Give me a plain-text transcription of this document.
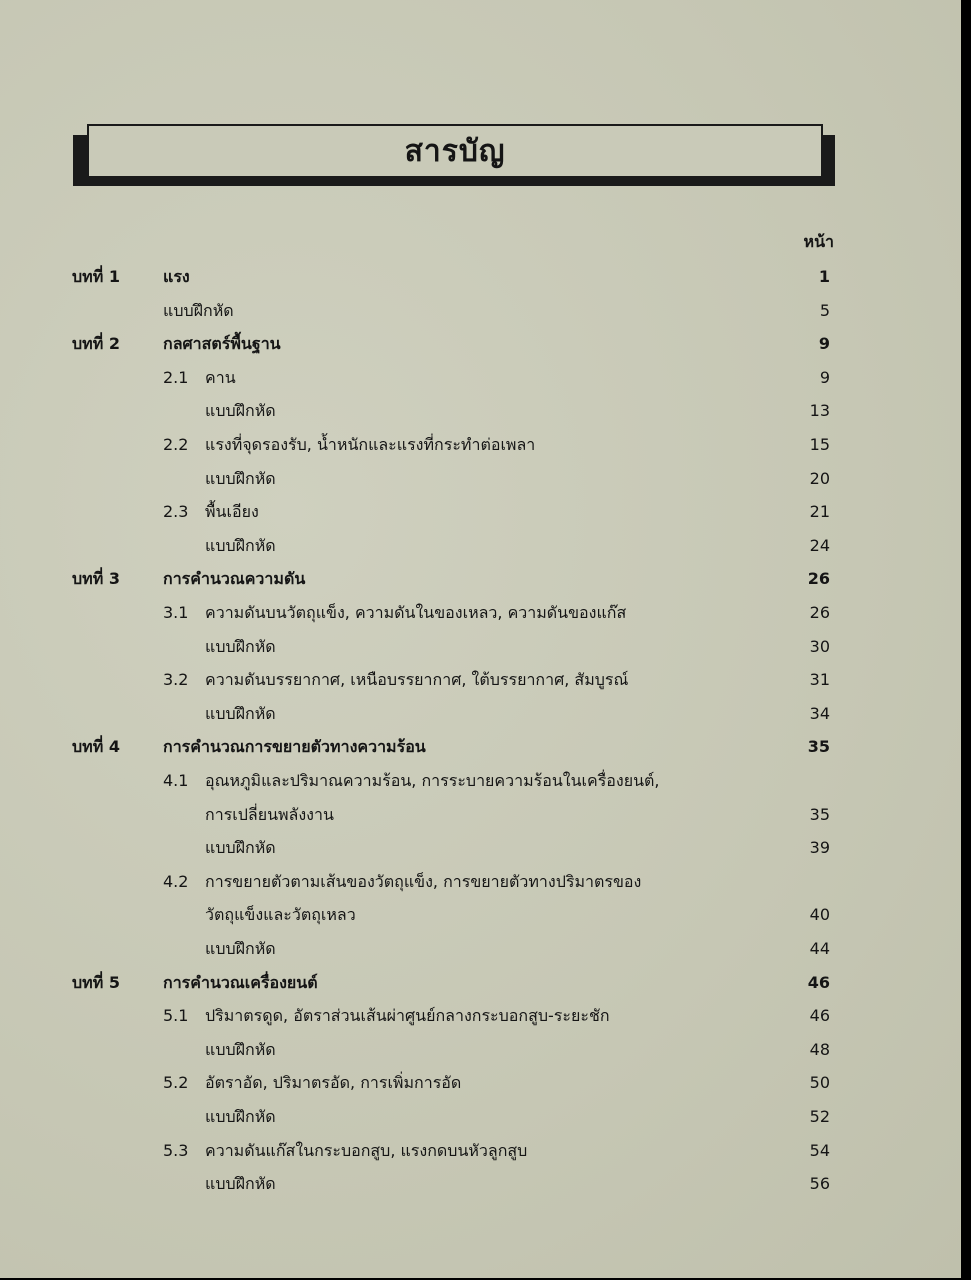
สารบัญ
หน้า
บทที่ 1	แรง	1
แบบฝึกหัด	5
บทที่ 2	กลศาสตร์พื้นฐาน	9
2.1 คาน	9
แบบฝึกหัด	13
2.2 แรงที่จุดรองรับ, น้ำหนักและแรงที่กระทำต่อเพลา	15
แบบฝึกหัด	20
2.3 พื้นเอียง	21
แบบฝึกหัด	24
บทที่ 3	การคำนวณความดัน	26
3.1 ความดันบนวัตถุแข็ง, ความดันในของเหลว, ความดันของแก๊ส	26
แบบฝึกหัด	30
3.2 ความดันบรรยากาศ, เหนือบรรยากาศ, ใต้บรรยากาศ, สัมบูรณ์	31
แบบฝึกหัด	34
บทที่ 4	การคำนวณการขยายตัวทางความร้อน	35
4.1 อุณหภูมิและปริมาณความร้อน, การระบายความร้อนในเครื่องยนต์,
การเปลี่ยนพลังงาน	35
แบบฝึกหัด	39
4.2 การขยายตัวตามเส้นของวัตถุแข็ง, การขยายตัวทางปริมาตรของ
วัตถุแข็งและวัตถุเหลว	40
แบบฝึกหัด	44
บทที่ 5	การคำนวณเครื่องยนต์	46
5.1 ปริมาตรดูด, อัตราส่วนเส้นผ่าศูนย์กลางกระบอกสูบ-ระยะชัก	46
แบบฝึกหัด	48
5.2 อัตราอัด, ปริมาตรอัด, การเพิ่มการอัด	50
แบบฝึกหัด	52
5.3 ความดันแก๊สในกระบอกสูบ, แรงกดบนหัวลูกสูบ	54
แบบฝึกหัด	56
